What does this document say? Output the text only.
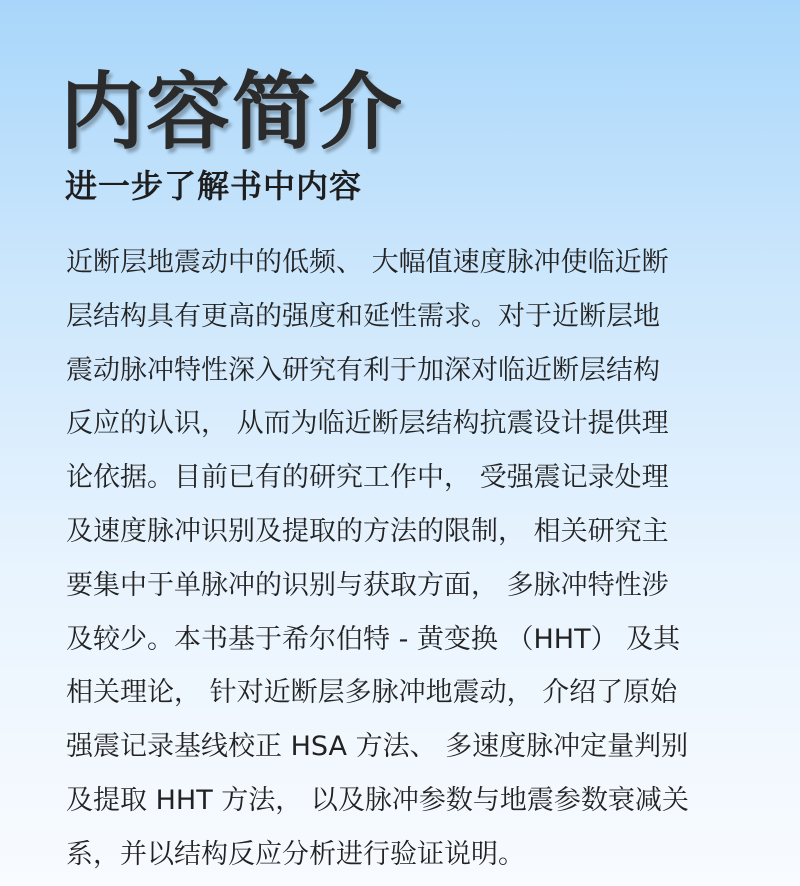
内容简介
进一步了解书中内容
近断层地震动中的低频、 大幅值速度脉冲使临近断
层结构具有更高的强度和延性需求。对于近断层地
震动脉冲特性深入研究有利于加深对临近断层结构
反应的认识， 从而为临近断层结构抗震设计提供理
论依据。目前已有的研究工作中， 受强震记录处理
及速度脉冲识别及提取的方法的限制， 相关研究主
要集中于单脉冲的识别与获取方面， 多脉冲特性涉
及较少。本书基于希尔伯特 - 黄变换 （HHT） 及其
相关理论， 针对近断层多脉冲地震动， 介绍了原始
强震记录基线校正 HSA 方法、 多速度脉冲定量判别
及提取 HHT 方法， 以及脉冲参数与地震参数衰减关
系，并以结构反应分析进行验证说明。
